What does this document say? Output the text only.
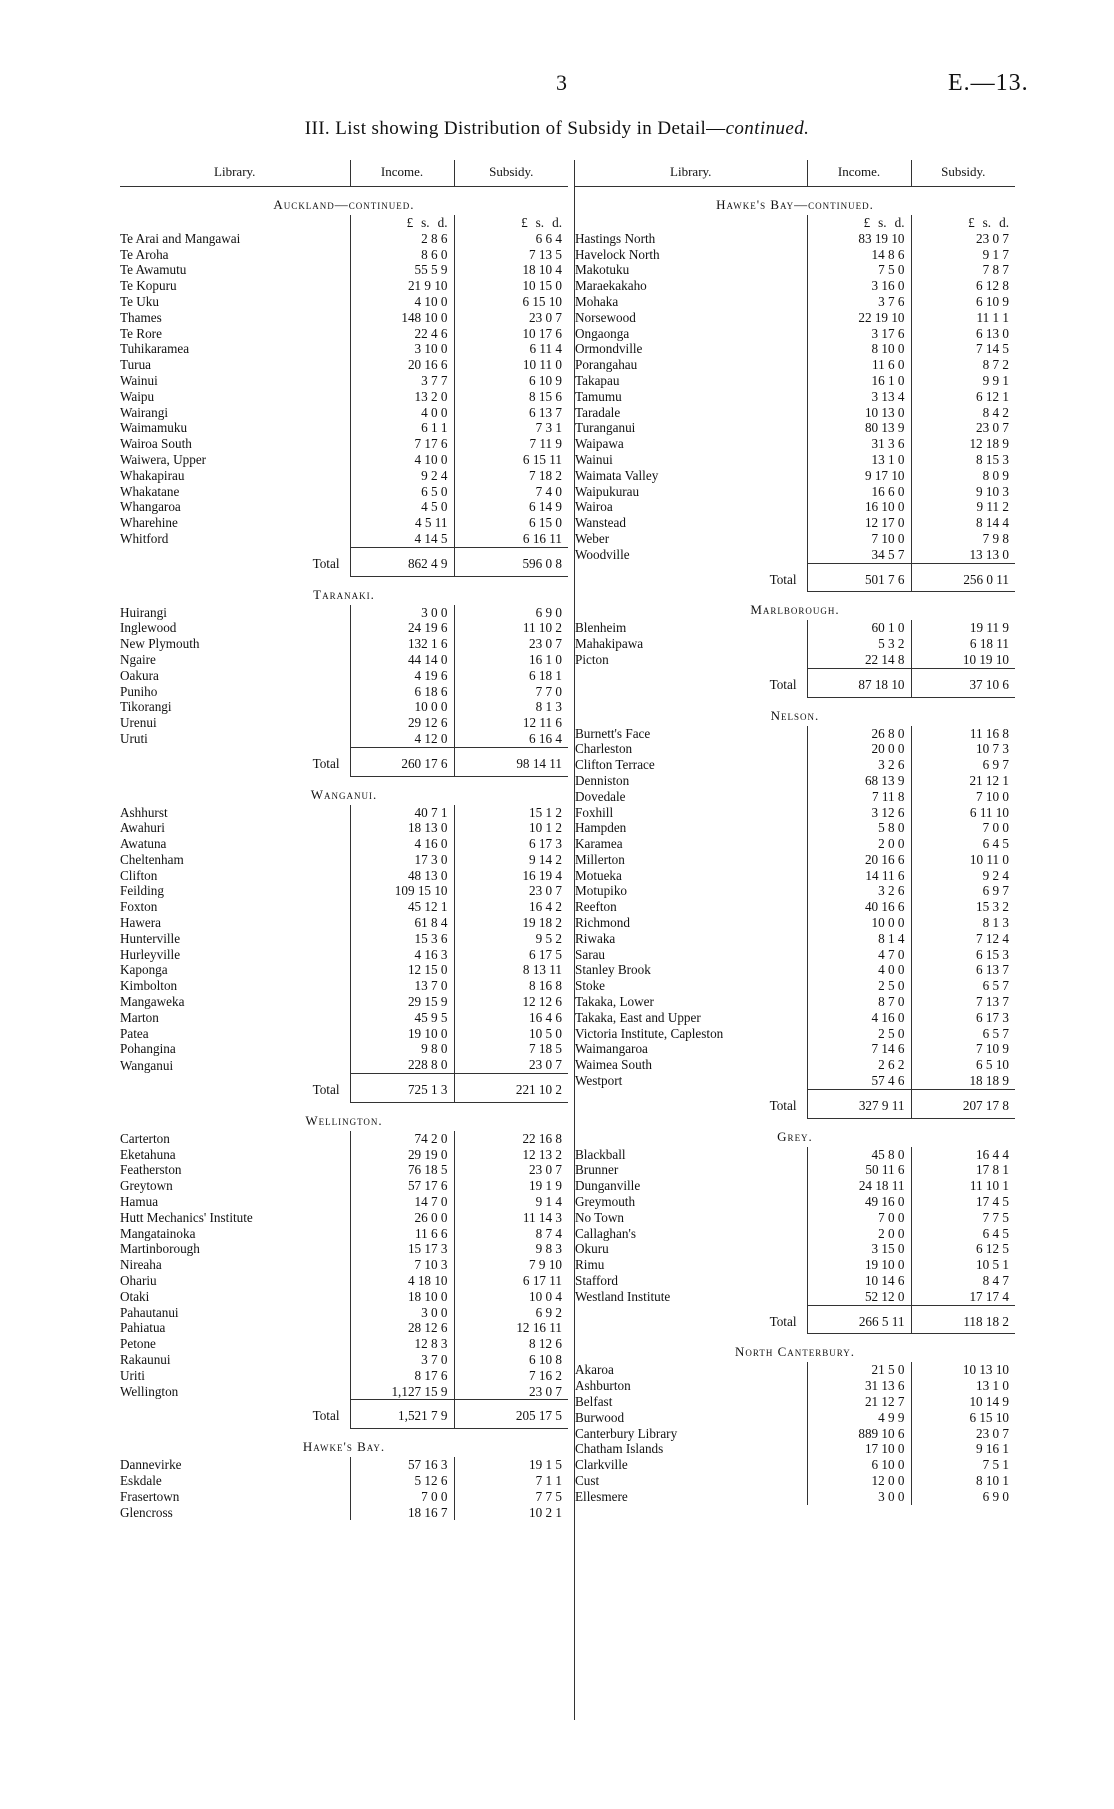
3	E.—13.
III. List showing Distribution of Subsidy in Detail—continued.
Library.	Income.	Subsidy.
Auckland—continued.
	£ s. d.	£ s. d.
Te Arai and Mangawai	2 8 6	6 6 4
Te Aroha	8 6 0	7 13 5
Te Awamutu	55 5 9	18 10 4
Te Kopuru	21 9 10	10 15 0
Te Uku	4 10 0	6 15 10
Thames	148 10 0	23 0 7
Te Rore	22 4 6	10 17 6
Tuhikaramea	3 10 0	6 11 4
Turua	20 16 6	10 11 0
Wainui	3 7 7	6 10 9
Waipu	13 2 0	8 15 6
Wairangi	4 0 0	6 13 7
Waimamuku	6 1 1	7 3 1
Wairoa South	7 17 6	7 11 9
Waiwera, Upper	4 10 0	6 15 11
Whakapirau	9 2 4	7 18 2
Whakatane	6 5 0	7 4 0
Whangaroa	4 5 0	6 14 9
Wharehine	4 5 11	6 15 0
Whitford	4 14 5	6 16 11
Total	862 4 9	596 0 8
Taranaki.
Huirangi	3 0 0	6 9 0
Inglewood	24 19 6	11 10 2
New Plymouth	132 1 6	23 0 7
Ngaire	44 14 0	16 1 0
Oakura	4 19 6	6 18 1
Puniho	6 18 6	7 7 0
Tikorangi	10 0 0	8 1 3
Urenui	29 12 6	12 11 6
Uruti	4 12 0	6 16 4
Total	260 17 6	98 14 11
Wanganui.
Ashhurst	40 7 1	15 1 2
Awahuri	18 13 0	10 1 2
Awatuna	4 16 0	6 17 3
Cheltenham	17 3 0	9 14 2
Clifton	48 13 0	16 19 4
Feilding	109 15 10	23 0 7
Foxton	45 12 1	16 4 2
Hawera	61 8 4	19 18 2
Hunterville	15 3 6	9 5 2
Hurleyville	4 16 3	6 17 5
Kaponga	12 15 0	8 13 11
Kimbolton	13 7 0	8 16 8
Mangaweka	29 15 9	12 12 6
Marton	45 9 5	16 4 6
Patea	19 10 0	10 5 0
Pohangina	9 8 0	7 18 5
Wanganui	228 8 0	23 0 7
Total	725 1 3	221 10 2
Wellington.
Carterton	74 2 0	22 16 8
Eketahuna	29 19 0	12 13 2
Featherston	76 18 5	23 0 7
Greytown	57 17 6	19 1 9
Hamua	14 7 0	9 1 4
Hutt Mechanics' Institute	26 0 0	11 14 3
Mangatainoka	11 6 6	8 7 4
Martinborough	15 17 3	9 8 3
Nireaha	7 10 3	7 9 10
Ohariu	4 18 10	6 17 11
Otaki	18 10 0	10 0 4
Pahautanui	3 0 0	6 9 2
Pahiatua	28 12 6	12 16 11
Petone	12 8 3	8 12 6
Rakaunui	3 7 0	6 10 8
Uriti	8 17 6	7 16 2
Wellington	1,127 15 9	23 0 7
Total	1,521 7 9	205 17 5
Hawke's Bay.
Dannevirke	57 16 3	19 1 5
Eskdale	5 12 6	7 1 1
Frasertown	7 0 0	7 7 5
Glencross	18 16 7	10 2 1
Library.	Income.	Subsidy.
Hawke's Bay—continued.
	£ s. d.	£ s. d.
Hastings North	83 19 10	23 0 7
Havelock North	14 8 6	9 1 7
Makotuku	7 5 0	7 8 7
Maraekakaho	3 16 0	6 12 8
Mohaka	3 7 6	6 10 9
Norsewood	22 19 10	11 1 1
Ongaonga	3 17 6	6 13 0
Ormondville	8 10 0	7 14 5
Porangahau	11 6 0	8 7 2
Takapau	16 1 0	9 9 1
Tamumu	3 13 4	6 12 1
Taradale	10 13 0	8 4 2
Turanganui	80 13 9	23 0 7
Waipawa	31 3 6	12 18 9
Wainui	13 1 0	8 15 3
Waimata Valley	9 17 10	8 0 9
Waipukurau	16 6 0	9 10 3
Wairoa	16 10 0	9 11 2
Wanstead	12 17 0	8 14 4
Weber	7 10 0	7 9 8
Woodville	34 5 7	13 13 0
Total	501 7 6	256 0 11
Marlborough.
Blenheim	60 1 0	19 11 9
Mahakipawa	5 3 2	6 18 11
Picton	22 14 8	10 19 10
Total	87 18 10	37 10 6
Nelson.
Burnett's Face	26 8 0	11 16 8
Charleston	20 0 0	10 7 3
Clifton Terrace	3 2 6	6 9 7
Denniston	68 13 9	21 12 1
Dovedale	7 11 8	7 10 0
Foxhill	3 12 6	6 11 10
Hampden	5 8 0	7 0 0
Karamea	2 0 0	6 4 5
Millerton	20 16 6	10 11 0
Motueka	14 11 6	9 2 4
Motupiko	3 2 6	6 9 7
Reefton	40 16 6	15 3 2
Richmond	10 0 0	8 1 3
Riwaka	8 1 4	7 12 4
Sarau	4 7 0	6 15 3
Stanley Brook	4 0 0	6 13 7
Stoke	2 5 0	6 5 7
Takaka, Lower	8 7 0	7 13 7
Takaka, East and Upper	4 16 0	6 17 3
Victoria Institute, Capleston	2 5 0	6 5 7
Waimangaroa	7 14 6	7 10 9
Waimea South	2 6 2	6 5 10
Westport	57 4 6	18 18 9
Total	327 9 11	207 17 8
Grey.
Blackball	45 8 0	16 4 4
Brunner	50 11 6	17 8 1
Dunganville	24 18 11	11 10 1
Greymouth	49 16 0	17 4 5
No Town	7 0 0	7 7 5
Callaghan's	2 0 0	6 4 5
Okuru	3 15 0	6 12 5
Rimu	19 10 0	10 5 1
Stafford	10 14 6	8 4 7
Westland Institute	52 12 0	17 17 4
Total	266 5 11	118 18 2
North Canterbury.
Akaroa	21 5 0	10 13 10
Ashburton	31 13 6	13 1 0
Belfast	21 12 7	10 14 9
Burwood	4 9 9	6 15 10
Canterbury Library	889 10 6	23 0 7
Chatham Islands	17 10 0	9 16 1
Clarkville	6 10 0	7 5 1
Cust	12 0 0	8 10 1
Ellesmere	3 0 0	6 9 0
